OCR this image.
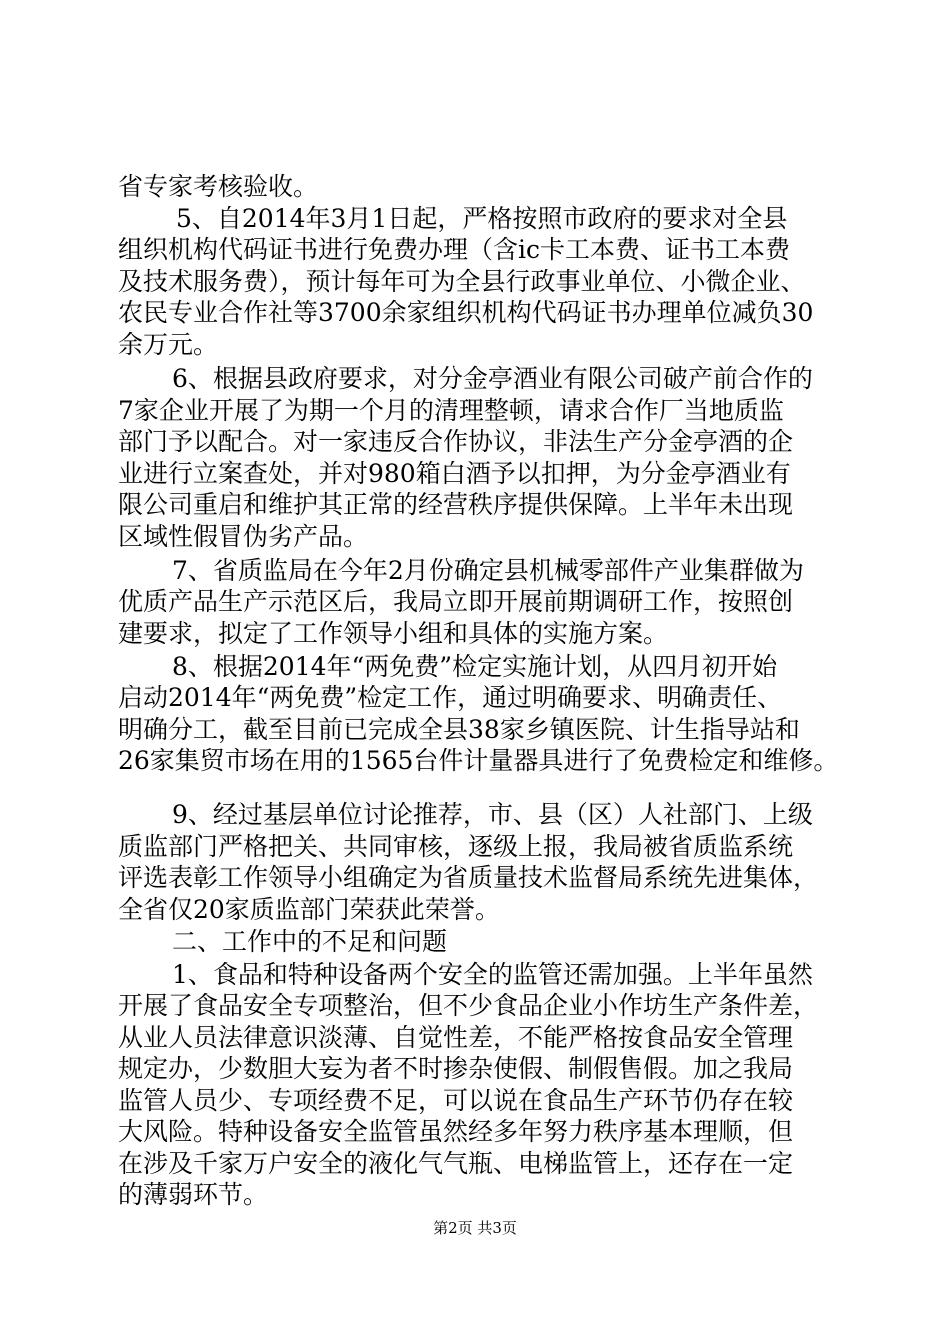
省专家考核验收。
5、自2014年3月1日起，严格按照市政府的要求对全县
组织机构代码证书进行免费办理（含ic卡工本费、证书工本费
及技术服务费），预计每年可为全县行政事业单位、小微企业、
农民专业合作社等3700余家组织机构代码证书办理单位减负30
余万元。
6、根据县政府要求，对分金亭酒业有限公司破产前合作的
7家企业开展了为期一个月的清理整顿，请求合作厂当地质监
部门予以配合。对一家违反合作协议，非法生产分金亭酒的企
业进行立案查处，并对980箱白酒予以扣押，为分金亭酒业有
限公司重启和维护其正常的经营秩序提供保障。上半年未出现
区域性假冒伪劣产品。
7、省质监局在今年2月份确定县机械零部件产业集群做为
优质产品生产示范区后，我局立即开展前期调研工作，按照创
建要求，拟定了工作领导小组和具体的实施方案。
8、根据2014年“两免费”检定实施计划，从四月初开始
启动2014年“两免费”检定工作，通过明确要求、明确责任、
明确分工，截至目前已完成全县38家乡镇医院、计生指导站和
26家集贸市场在用的1565台件计量器具进行了免费检定和维修。
9、经过基层单位讨论推荐，市、县（区）人社部门、上级
质监部门严格把关、共同审核，逐级上报，我局被省质监系统
评选表彰工作领导小组确定为省质量技术监督局系统先进集体，
全省仅20家质监部门荣获此荣誉。
二、工作中的不足和问题
1、食品和特种设备两个安全的监管还需加强。上半年虽然
开展了食品安全专项整治，但不少食品企业小作坊生产条件差，
从业人员法律意识淡薄、自觉性差，不能严格按食品安全管理
规定办，少数胆大妄为者不时掺杂使假、制假售假。加之我局
监管人员少、专项经费不足，可以说在食品生产环节仍存在较
大风险。特种设备安全监管虽然经多年努力秩序基本理顺，但
在涉及千家万户安全的液化气气瓶、电梯监管上，还存在一定
的薄弱环节。
第2页 共3页
